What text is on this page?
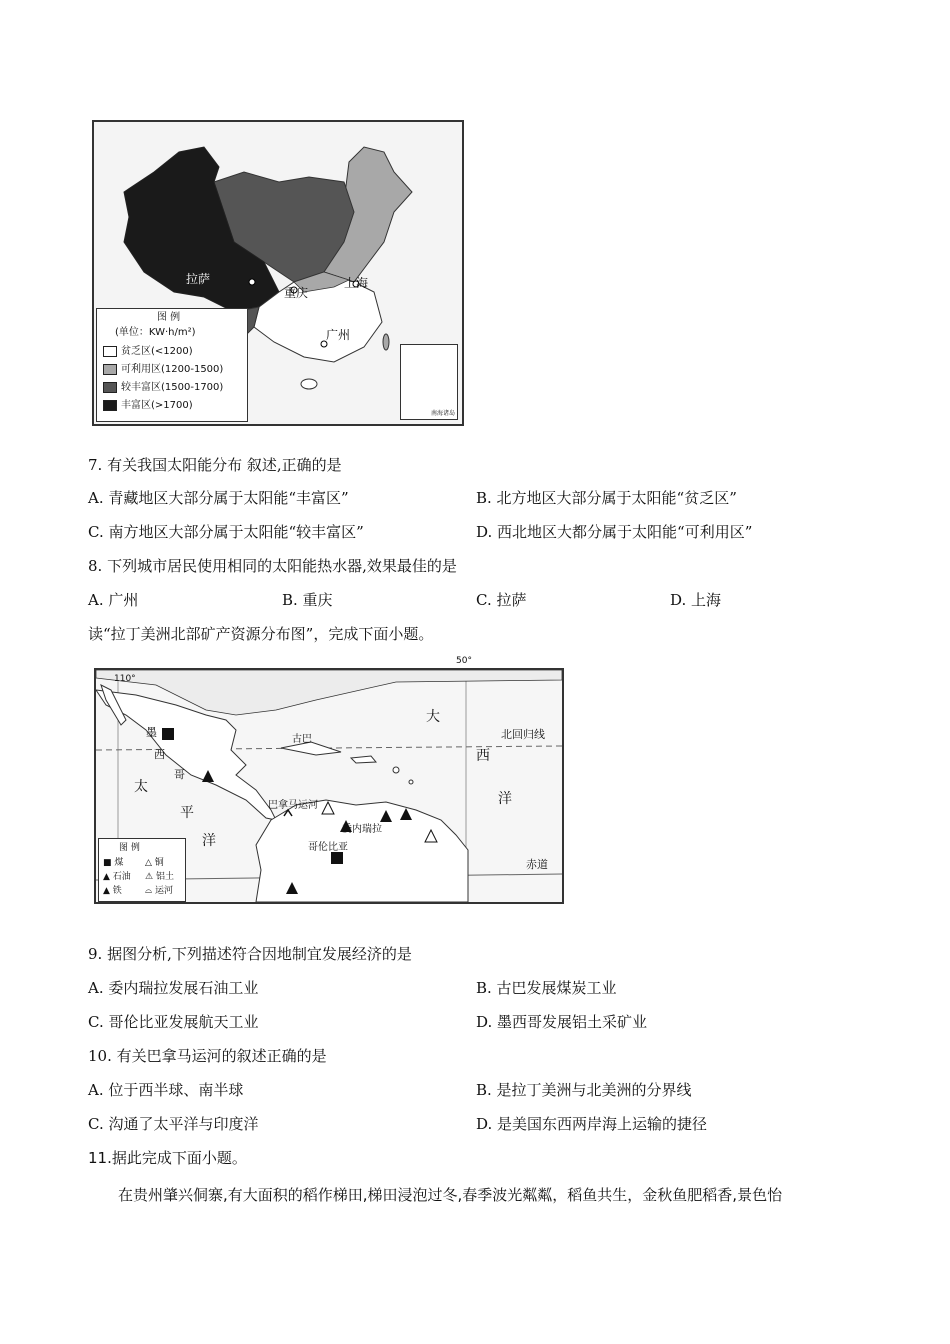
拉萨
重庆
上海
广州
图 例
(单位：KW·h/m²)
贫乏区(<1200)
可利用区(1200-1500)
较丰富区(1500-1700)
丰富区(>1700)
南海诸岛
7. 有关我国太阳能分布 叙述,正确的是
A. 青藏地区大部分属于太阳能“丰富区”	B. 北方地区大部分属于太阳能“贫乏区”
C. 南方地区大部分属于太阳能“较丰富区”	D. 西北地区大都分属于太阳能“可利用区”
8. 下列城市居民使用相同的太阳能热水器,效果最佳的是
A. 广州	B. 重庆	C. 拉萨	D. 上海
读“拉丁美洲北部矿产资源分布图”，完成下面小题。
110°
北回归线
赤道
大
西
洋
太
平
洋
墨
西
哥
古巴
巴拿马运河
委内瑞拉
哥伦比亚
图 例
■ 煤 △ 铜
▲ 石油 ⚠ 铝土
▲ 铁	⌓ 运河
50°
9. 据图分析,下列描述符合因地制宜发展经济的是
A. 委内瑞拉发展石油工业	B. 古巴发展煤炭工业
C. 哥伦比亚发展航天工业	D. 墨西哥发展铝土采矿业
10. 有关巴拿马运河的叙述正确的是
A. 位于西半球、南半球	B. 是拉丁美洲与北美洲的分界线
C. 沟通了太平洋与印度洋	D. 是美国东西两岸海上运输的捷径
11.据此完成下面小题。
在贵州肇兴侗寨,有大面积的稻作梯田,梯田浸泡过冬,春季波光粼粼，稻鱼共生，金秋鱼肥稻香,景色怡
